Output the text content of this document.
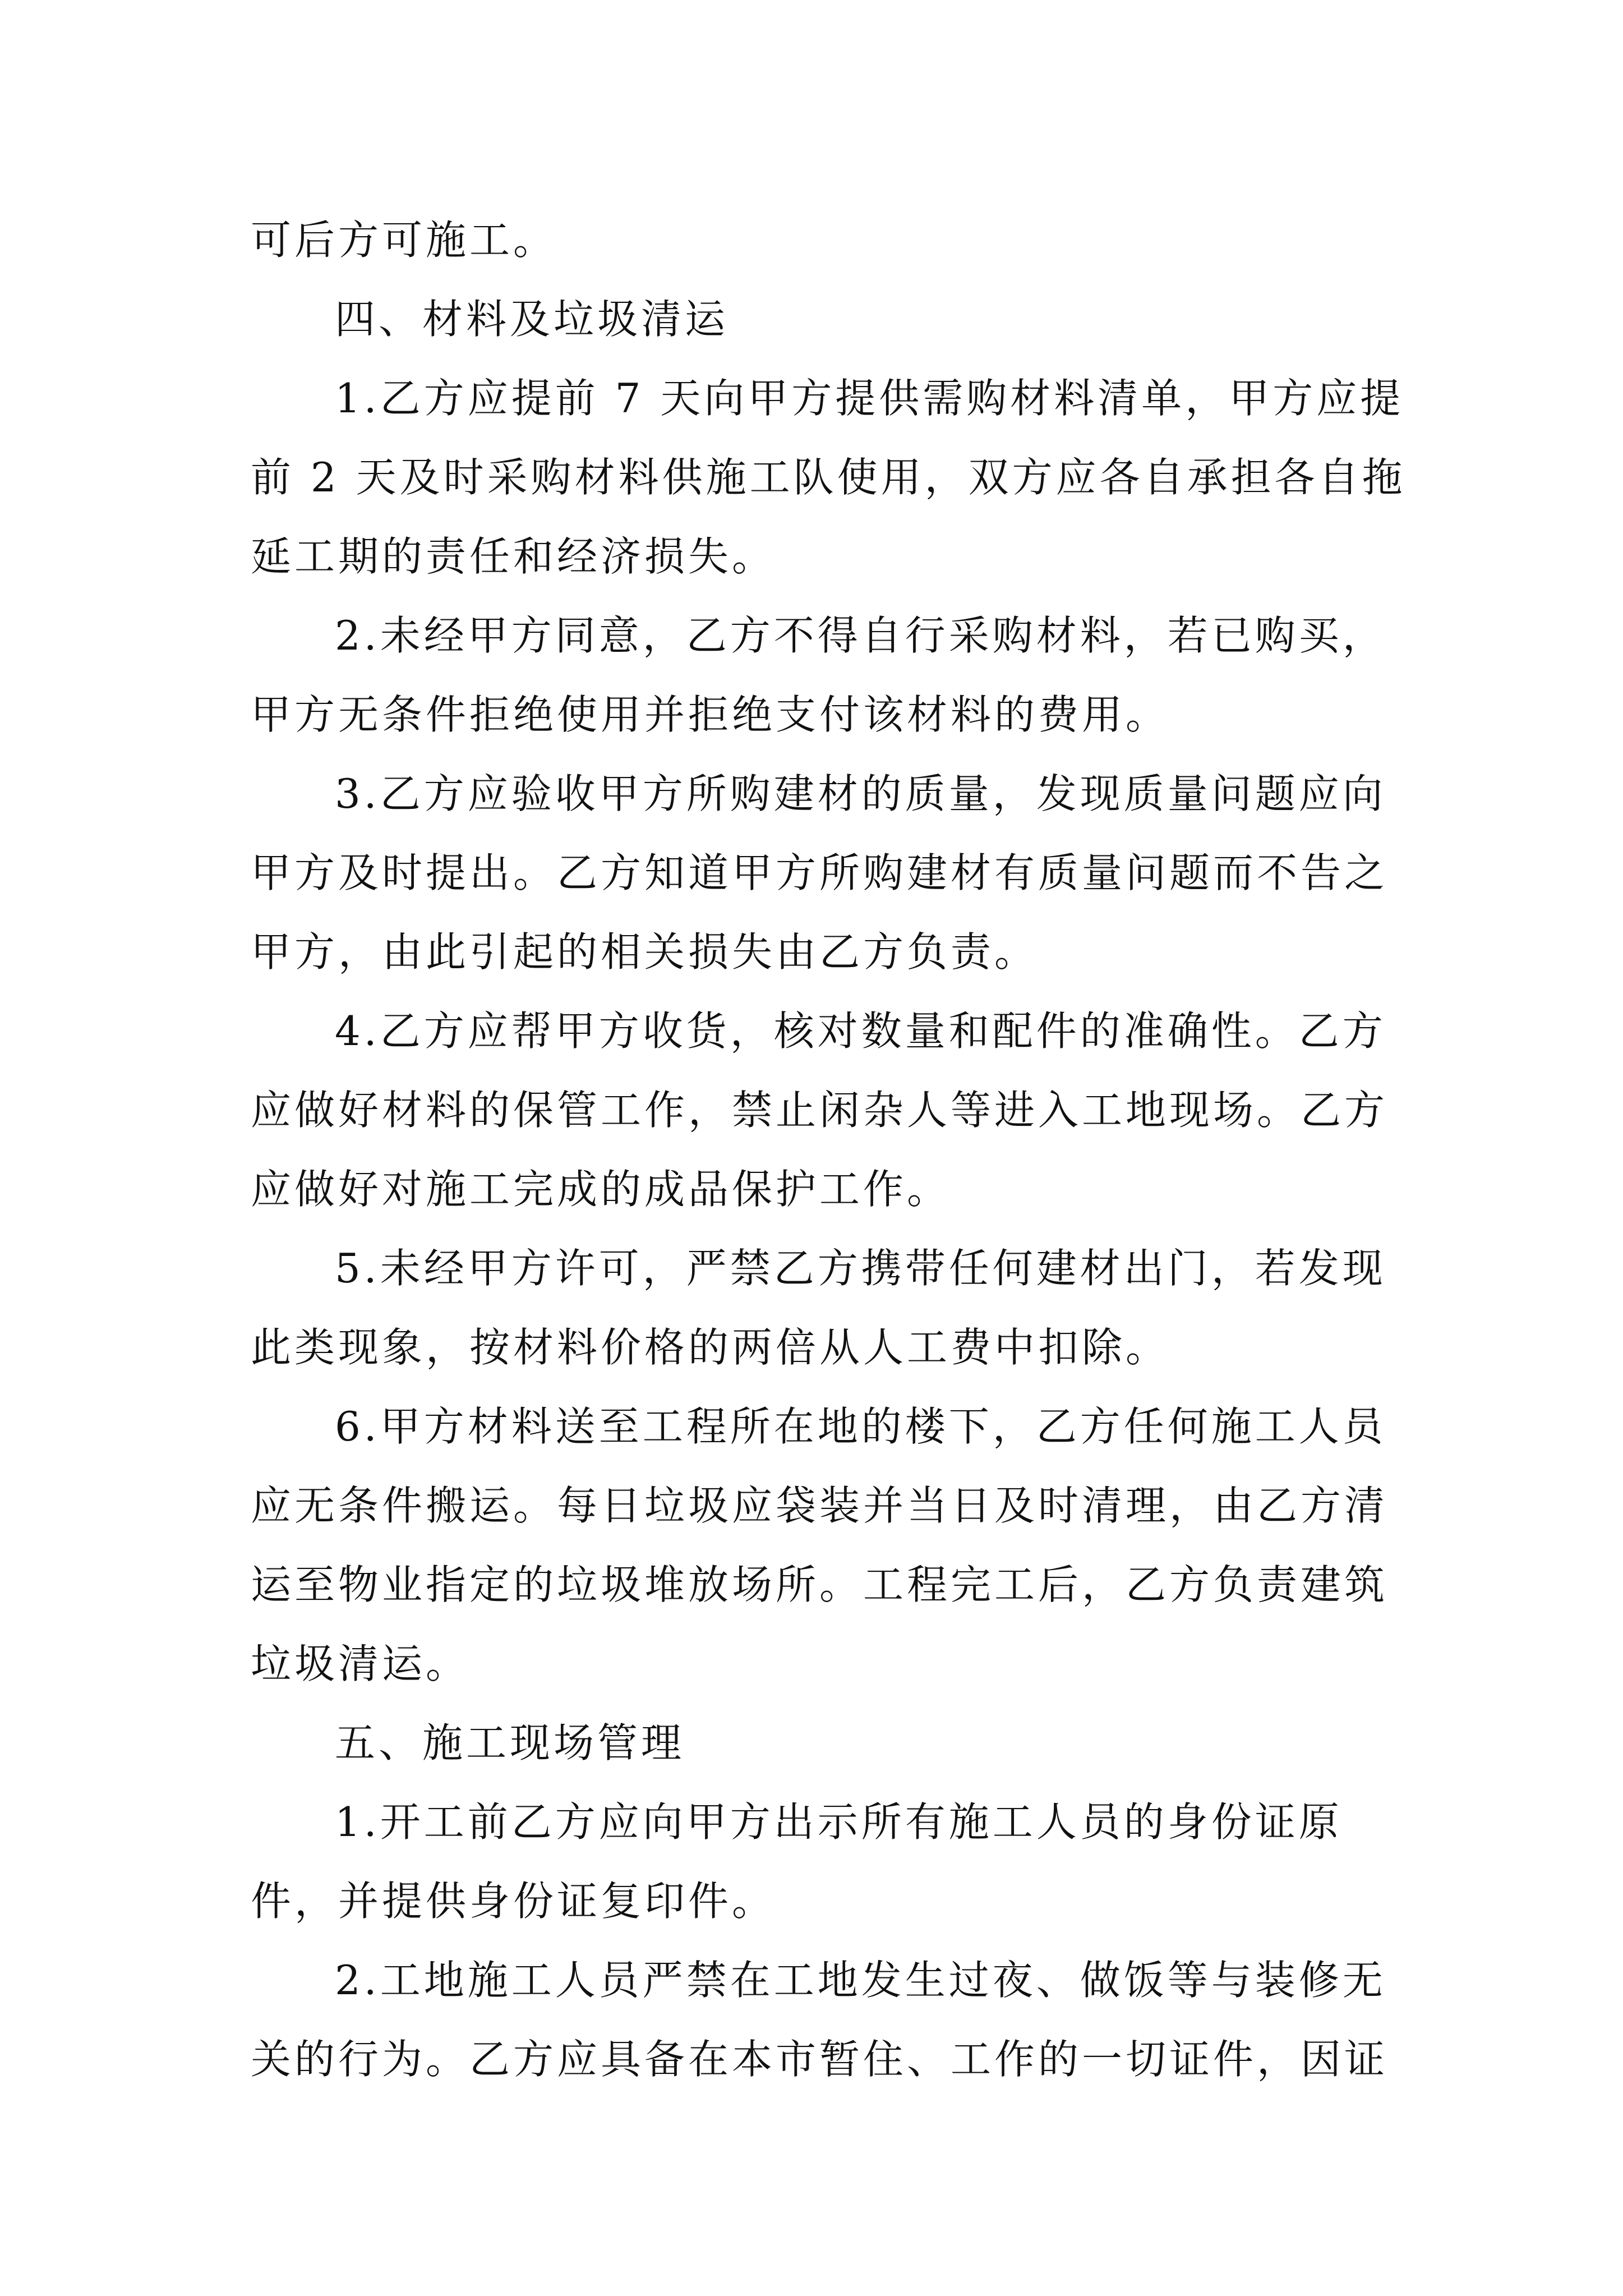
可后方可施工。
四、材料及垃圾清运
1.乙方应提前 7 天向甲方提供需购材料清单，甲方应提
前 2 天及时采购材料供施工队使用，双方应各自承担各自拖
延工期的责任和经济损失。
2.未经甲方同意，乙方不得自行采购材料，若已购买，
甲方无条件拒绝使用并拒绝支付该材料的费用。
3.乙方应验收甲方所购建材的质量，发现质量问题应向
甲方及时提出。乙方知道甲方所购建材有质量问题而不告之
甲方，由此引起的相关损失由乙方负责。
4.乙方应帮甲方收货，核对数量和配件的准确性。乙方
应做好材料的保管工作，禁止闲杂人等进入工地现场。乙方
应做好对施工完成的成品保护工作。
5.未经甲方许可，严禁乙方携带任何建材出门，若发现
此类现象，按材料价格的两倍从人工费中扣除。
6.甲方材料送至工程所在地的楼下，乙方任何施工人员
应无条件搬运。每日垃圾应袋装并当日及时清理，由乙方清
运至物业指定的垃圾堆放场所。工程完工后，乙方负责建筑
垃圾清运。
五、施工现场管理
1.开工前乙方应向甲方出示所有施工人员的身份证原
件，并提供身份证复印件。
2.工地施工人员严禁在工地发生过夜、做饭等与装修无
关的行为。乙方应具备在本市暂住、工作的一切证件，因证
